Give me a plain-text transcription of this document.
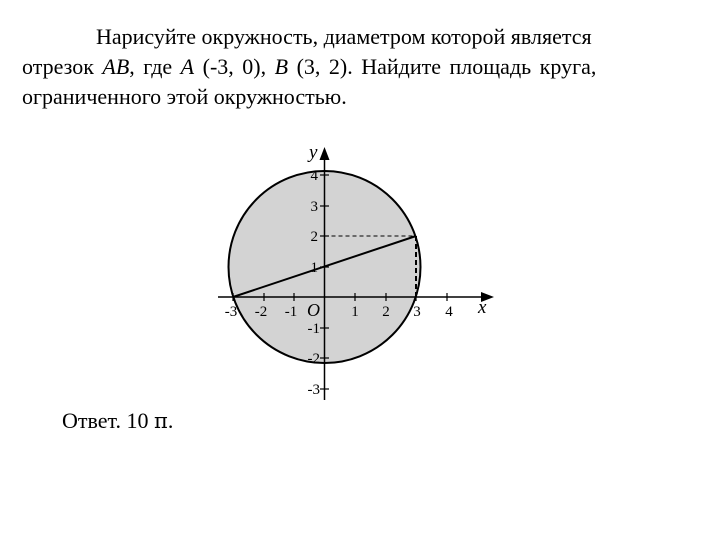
Нарисуйте окружность, диаметром которой является

отрезок AB, где A (-3, 0), B (3, 2). Найдите площадь круга,

ограниченного этой окружностью.

x
y
O
-3 -2 -1	1 2 3 4
4
3
2
1
-1
-2
-3
Ответ. 10 π.
